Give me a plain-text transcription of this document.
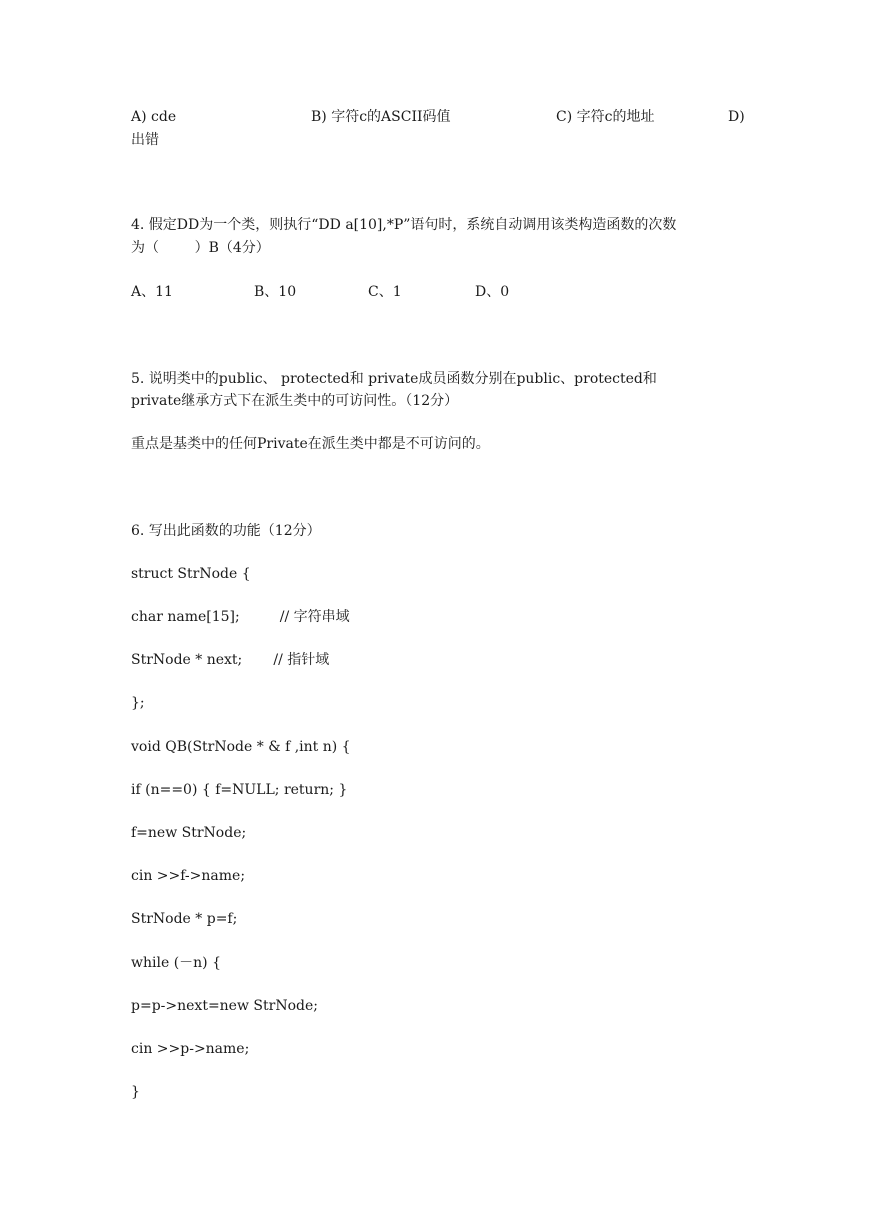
A) cde	B) 字符c的ASCII码值	C) 字符c的地址	D)
出错
4. 假定DD为一个类，则执行“DD a[10],*P”语句时，系统自动调用该类构造函数的次数
为（        ）B（4分）
A、11	B、10	C、1	D、0
5. 说明类中的public、 protected和 private成员函数分别在public、protected和
private继承方式下在派生类中的可访问性。（12分）
重点是基类中的任何Private在派生类中都是不可访问的。
6. 写出此函数的功能（12分）
struct StrNode {
char name[15];         // 字符串域
StrNode * next;       // 指针域
};
void QB(StrNode * & f ,int n) {
if (n==0) { f=NULL; return; }
f=new StrNode;
cin >>f->name;
StrNode * p=f;
while (－n) {
p=p->next=new StrNode;
cin >>p->name;
}
